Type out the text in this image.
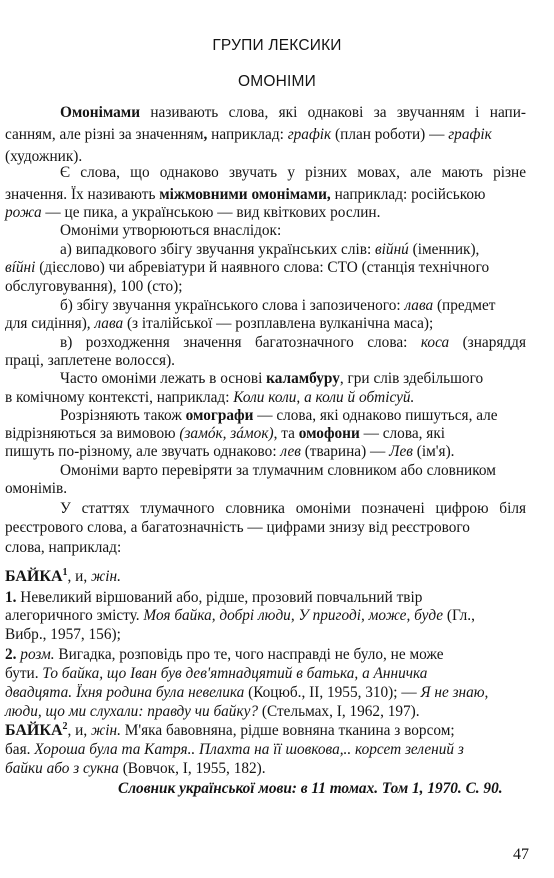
ГРУПИ ЛЕКСИКИ
ОМОНІМИ
Омонімами називають слова, які однакові за звучанням і напи-
санням, але різні за значенням, наприклад: графік (план роботи) — графік
(художник).
Є слова, що однаково звучать у різних мовах, але мають різне
значення. Їх називають міжмовними омонімами, наприклад: російською
рожа — це пика, а українською — вид квіткових рослин.
Омоніми утворюються внаслідок:
а) випадкового збігу звучання українських слів: війнú (іменник),
вíйні (дієслово) чи абревіатури й наявного слова: СТО (станція технічного
обслуговування), 100 (сто);
б) збігу звучання українського слова і запозиченого: лава (предмет
для сидіння), лава (з італійської — розплавлена вулканічна маса);
в) розходження значення багатозначного слова: коса (знаряддя
праці, заплетене волосся).
Часто омоніми лежать в основі каламбуру, гри слів здебільшого
в комічному контексті, наприклад: Коли коли, а коли й обтісуй.
Розрізняють також омографи — слова, які однаково пишуться, але
відрізняються за вимовою (замóк, зáмок), та омофони — слова, які
пишуть по-різному, але звучать однаково: лев (тварина) — Лев (ім'я).
Омоніми варто перевіряти за тлумачним словником або словником
омонімів.
У статтях тлумачного словника омоніми позначені цифрою біля
реєстрового слова, а багатозначність — цифрами знизу від реєстрового
слова, наприклад:
БАЙКА$^1$, и, жін.
1. Невеликий віршований або, рідше, прозовий повчальний твір
алегоричного змісту. Моя байка, добрі люди, У пригоді, може, буде (Гл.,
Вибр., 1957, 156);
2. розм. Вигадка, розповідь про те, чого насправді не було, не може
бути. То байка, що Іван був дев'ятнадцятий в батька, а Анничка
двадцята. Їхня родина була невелика (Коцюб., II, 1955, 310); — Я не знаю,
люди, що ми слухали: правду чи байку? (Стельмах, I, 1962, 197).
БАЙКА$^2$, и, жін. М'яка бавовняна, рідше вовняна тканина з ворсом;
бая. Хороша була та Катря.. Плахта на її шовкова,.. корсет зелений з
байки або з сукна (Вовчок, I, 1955, 182).
Словник української мови: в 11 томах. Том 1, 1970. С. 90.
47
